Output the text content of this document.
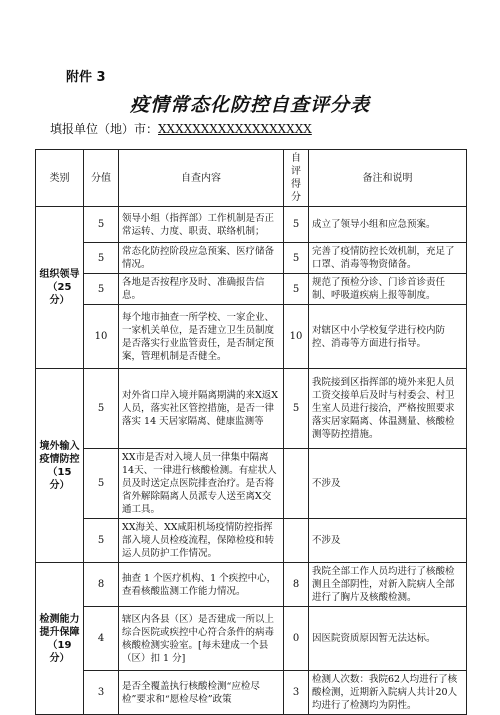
附件 3
疫情常态化防控自查评分表
填报单位（地）市：XXXXXXXXXXXXXXXXXX
类别	分值	自查内容	自评得分	备注和说明
组织领导（25 分）	5	领导小组（指挥部）工作机制是否正常运转、力度、职责、联络机制；	5	成立了领导小组和应急预案。
	5	常态化防控阶段应急预案、医疗储备情况。	5	完善了疫情防控长效机制，充足了口罩、消毒等物资储备。
	5	各地是否按程序及时、准确报告信息。	5	规范了预检分诊、门诊首诊责任制、呼吸道疾病上报等制度。
	10	每个地市抽查一所学校、一家企业、一家机关单位，是否建立卫生员制度是否落实行业监管责任，是否制定预案，管理机制是否健全。	10	对辖区中小学校复学进行校内防控、消毒等方面进行指导。
境外输入疫情防控（15 分）	5	对外省口岸入境并隔离期满的来X返X人员，落实社区管控措施，是否一律落实 14 天居家隔离、健康监测等	5	我院接到区指挥部的境外来犯人员工资交接单后及时与村委会、村卫生室人员进行接洽，严格按照要求落实居家隔离、体温测量、核酸检测等防控措施。
	5	XX市是否对入境人员一律集中隔离14天、一律进行核酸检测。有症状人员及时送定点医院排查治疗。是否将省外解除隔离人员派专人送至离X交通工具。		不涉及
	5	XX海关、XX咸阳机场疫情防控指挥部入境人员检疫流程，保障检疫和转运人员防护工作情况。		不涉及
检测能力提升保障（19 分）	8	抽查 1 个医疗机构、1 个疾控中心，查看核酸监测工作能力情况。	8	我院全部工作人员均进行了核酸检测且全部阴性，对新入院病人全部进行了胸片及核酸检测。
	4	辖区内各县（区）是否建成一所以上综合医院或疾控中心符合条件的病毒核酸检测实验室。[每未建成一个县（区）扣 1 分]	0	因医院资质原因暂无法达标。
	3	是否全覆盖执行核酸检测“应检尽检”要求和“愿检尽检”政策	3	检测人次数：我院62人均进行了核酸检测，近期新入院病人共计20人均进行了检测均为阴性。
